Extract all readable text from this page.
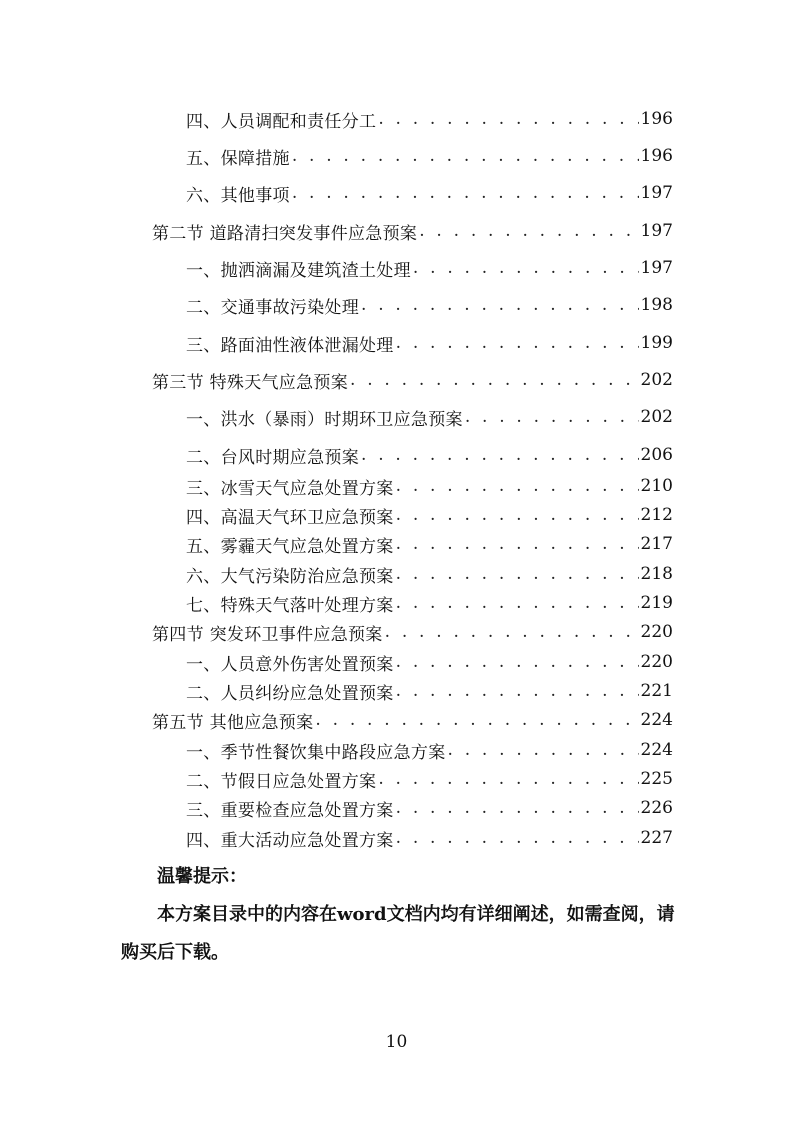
四、人员调配和责任分工 . . .	196
五、保障措施 . . .	196
六、其他事项 . . .	197
第二节 道路清扫突发事件应急预案 . . .	197
一、抛洒滴漏及建筑渣土处理 . . .	197
二、交通事故污染处理 . . .	198
三、路面油性液体泄漏处理 . . .	199
第三节 特殊天气应急预案 . . .	202
一、洪水（暴雨）时期环卫应急预案 . . .	202
二、台风时期应急预案 . . .	206
三、冰雪天气应急处置方案 . . .	210
四、高温天气环卫应急预案 . . .	212
五、雾霾天气应急处置方案 . . .	217
六、大气污染防治应急预案 . . .	218
七、特殊天气落叶处理方案 . . .	219
第四节 突发环卫事件应急预案 . . .	220
一、人员意外伤害处置预案 . . .	220
二、人员纠纷应急处置预案 . . .	221
第五节 其他应急预案 . . .	224
一、季节性餐饮集中路段应急方案 . . .	224
二、节假日应急处置方案 . . .	225
三、重要检查应急处置方案 . . .	226
四、重大活动应急处置方案 . . .	227
温馨提示：
本方案目录中的内容在word文档内均有详细阐述，如需查阅，请购买后下载。
10
